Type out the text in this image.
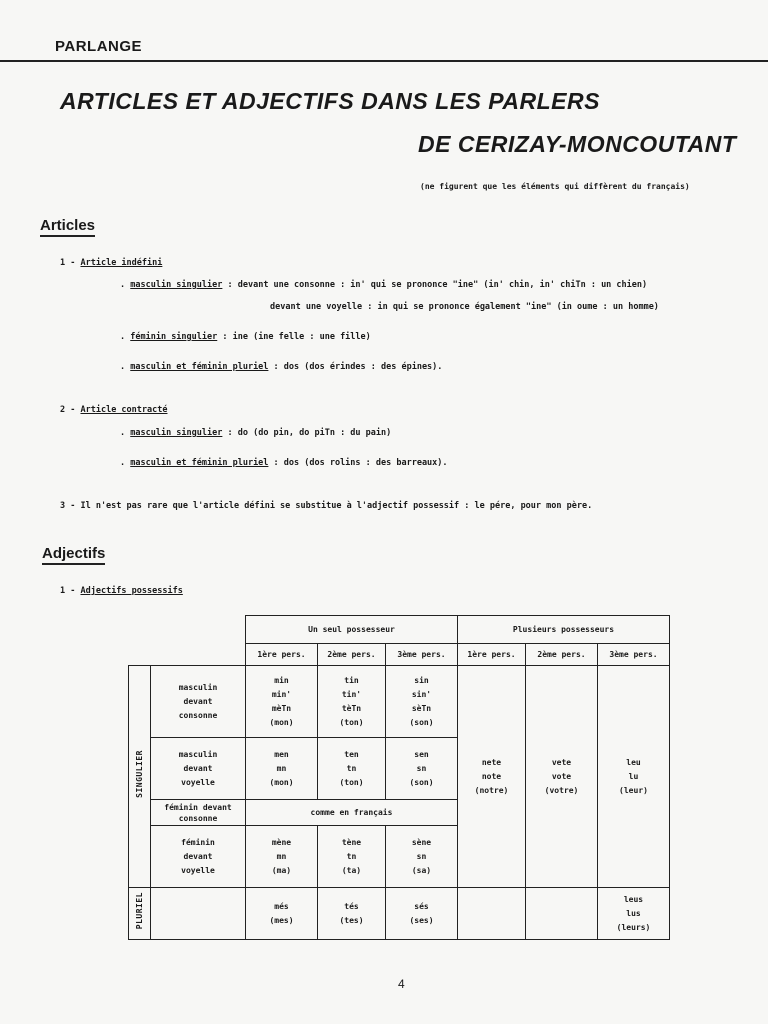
PARLANGE
ARTICLES ET ADJECTIFS DANS LES PARLERS
DE CERIZAY-MONCOUTANT
(ne figurent que les éléments qui diffèrent du français)
Articles
1 - Article indéfini
. masculin singulier : devant une consonne : in' qui se prononce "ine" (in' chin, in' chiTn : un chien)
devant une voyelle : in qui se prononce également "ine" (in oume : un homme)
. féminin singulier : ine (ine felle : une fille)
. masculin et féminin pluriel : dos (dos érindes : des épines).
2 - Article contracté
. masculin singulier : do (do pin, do piTn : du pain)
. masculin et féminin pluriel : dos (dos rolins : des barreaux).
3 - Il n'est pas rare que l'article défini se substitue à l'adjectif possessif : le pére, pour mon père.
Adjectifs
1 - Adjectifs possessifs
		Un seul possesseur			Plusieurs possesseurs		
		1ère pers.	2ème pers.	3ème pers.	1ère pers.	2ème pers.	3ème pers.
SINGULIER	masculin
devant
consonne	min
min'
mèTn
(mon)	tin
tin'
tèTn
(ton)	sin
sin'
sèTn
(son)	nete
note
(notre)	vete
vote
(votre)	leu
lu
(leur)

	masculin
devant
voyelle	men
mn
(mon)	ten
tn
(ton)	sen
sn
(son)			

	féminin devant
consonne	comme en français					

	féminin
devant
voyelle	mène
mn
(ma)	tène
tn
(ta)	sène
sn
(sa)			

PLURIEL		més
(mes)	tés
(tes)	sés
(ses)			leus
lus
(leurs)
4
